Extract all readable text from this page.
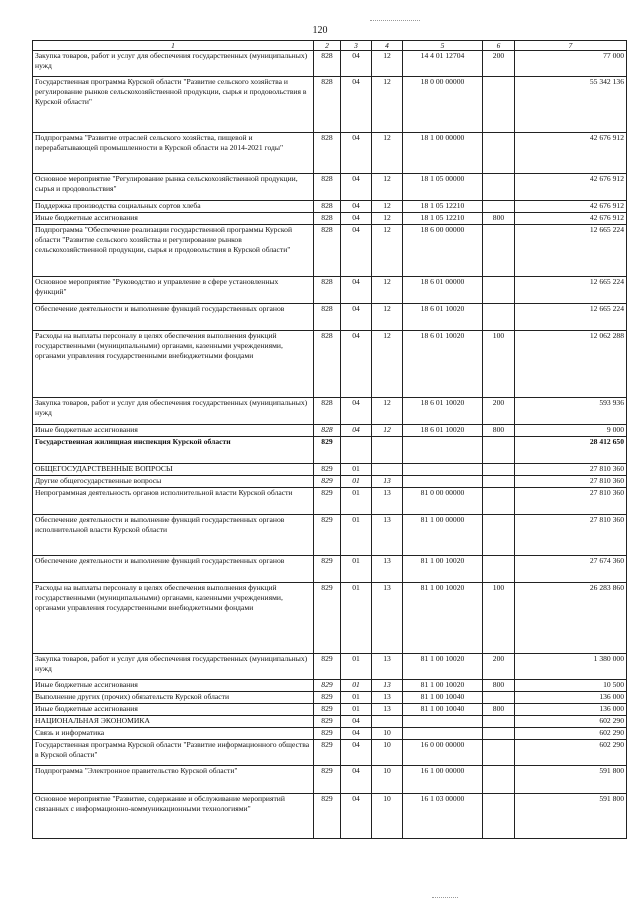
120
1	2	3	4	5	6	7
Закупка товаров, работ и услуг для обеспечения государственных (муниципальных) нужд	828	04	12	14 4 01 12704	200	77 000
Государственная программа Курской области "Развитие сельского хозяйства и регулирование рынков сельскохозяйственной продукции, сырья и продовольствия в Курской области"	828	04	12	18 0 00 00000		55 342 136
Подпрограмма "Развитие отраслей сельского хозяйства, пищевой и перерабатывающей промышленности в Курской области на 2014-2021 годы"	828	04	12	18 1 00 00000		42 676 912
Основное мероприятие "Регулирование рынка сельскохозяйственной продукции, сырья и продовольствия"	828	04	12	18 1 05 00000		42 676 912
Поддержка производства социальных сортов хлеба	828	04	12	18 1 05 12210		42 676 912
Иные бюджетные ассигнования	828	04	12	18 1 05 12210	800	42 676 912
Подпрограмма "Обеспечение реализации государственной программы Курской области "Развитие сельского хозяйства и регулирование рынков сельскохозяйственной продукции, сырья и продовольствия в Курской области"	828	04	12	18 6 00 00000		12 665 224
Основное мероприятие "Руководство и управление в сфере установленных функций"	828	04	12	18 6 01 00000		12 665 224
Обеспечение деятельности и выполнение функций государственных органов	828	04	12	18 6 01 10020		12 665 224
Расходы на выплаты персоналу в целях обеспечения выполнения функций государственными (муниципальными) органами, казенными учреждениями, органами управления государственными внебюджетными фондами	828	04	12	18 6 01 10020	100	12 062 288
Закупка товаров, работ и услуг для обеспечения государственных (муниципальных) нужд	828	04	12	18 6 01 10020	200	593 936
Иные бюджетные ассигнования	828	04	12	18 6 01 10020	800	9 000
Государственная жилищная инспекция Курской области	829					28 412 650
ОБЩЕГОСУДАРСТВЕННЫЕ ВОПРОСЫ	829	01				27 810 360
Другие общегосударственные вопросы	829	01	13			27 810 360
Непрограммная деятельность органов исполнительной власти Курской области	829	01	13	81 0 00 00000		27 810 360
Обеспечение деятельности и выполнение функций государственных органов исполнительной власти Курской области	829	01	13	81 1 00 00000		27 810 360
Обеспечение деятельности и выполнение функций государственных органов	829	01	13	81 1 00 10020		27 674 360
Расходы на выплаты персоналу в целях обеспечения выполнения функций государственными (муниципальными) органами, казенными учреждениями, органами управления государственными внебюджетными фондами	829	01	13	81 1 00 10020	100	26 283 860
Закупка товаров, работ и услуг для обеспечения государственных (муниципальных) нужд	829	01	13	81 1 00 10020	200	1 380 000
Иные бюджетные ассигнования	829	01	13	81 1 00 10020	800	10 500
Выполнение других (прочих) обязательств Курской области	829	01	13	81 1 00 10040		136 000
Иные бюджетные ассигнования	829	01	13	81 1 00 10040	800	136 000
НАЦИОНАЛЬНАЯ ЭКОНОМИКА	829	04				602 290
Связь и информатика	829	04	10			602 290
Государственная программа Курской области "Развитие информационного общества в Курской области"	829	04	10	16 0 00 00000		602 290
Подпрограмма "Электронное правительство Курской области"	829	04	10	16 1 00 00000		591 800
Основное мероприятие "Развитие, содержание и обслуживание мероприятий связанных с информационно-коммуникационными технологиями"	829	04	10	16 1 03 00000		591 800
